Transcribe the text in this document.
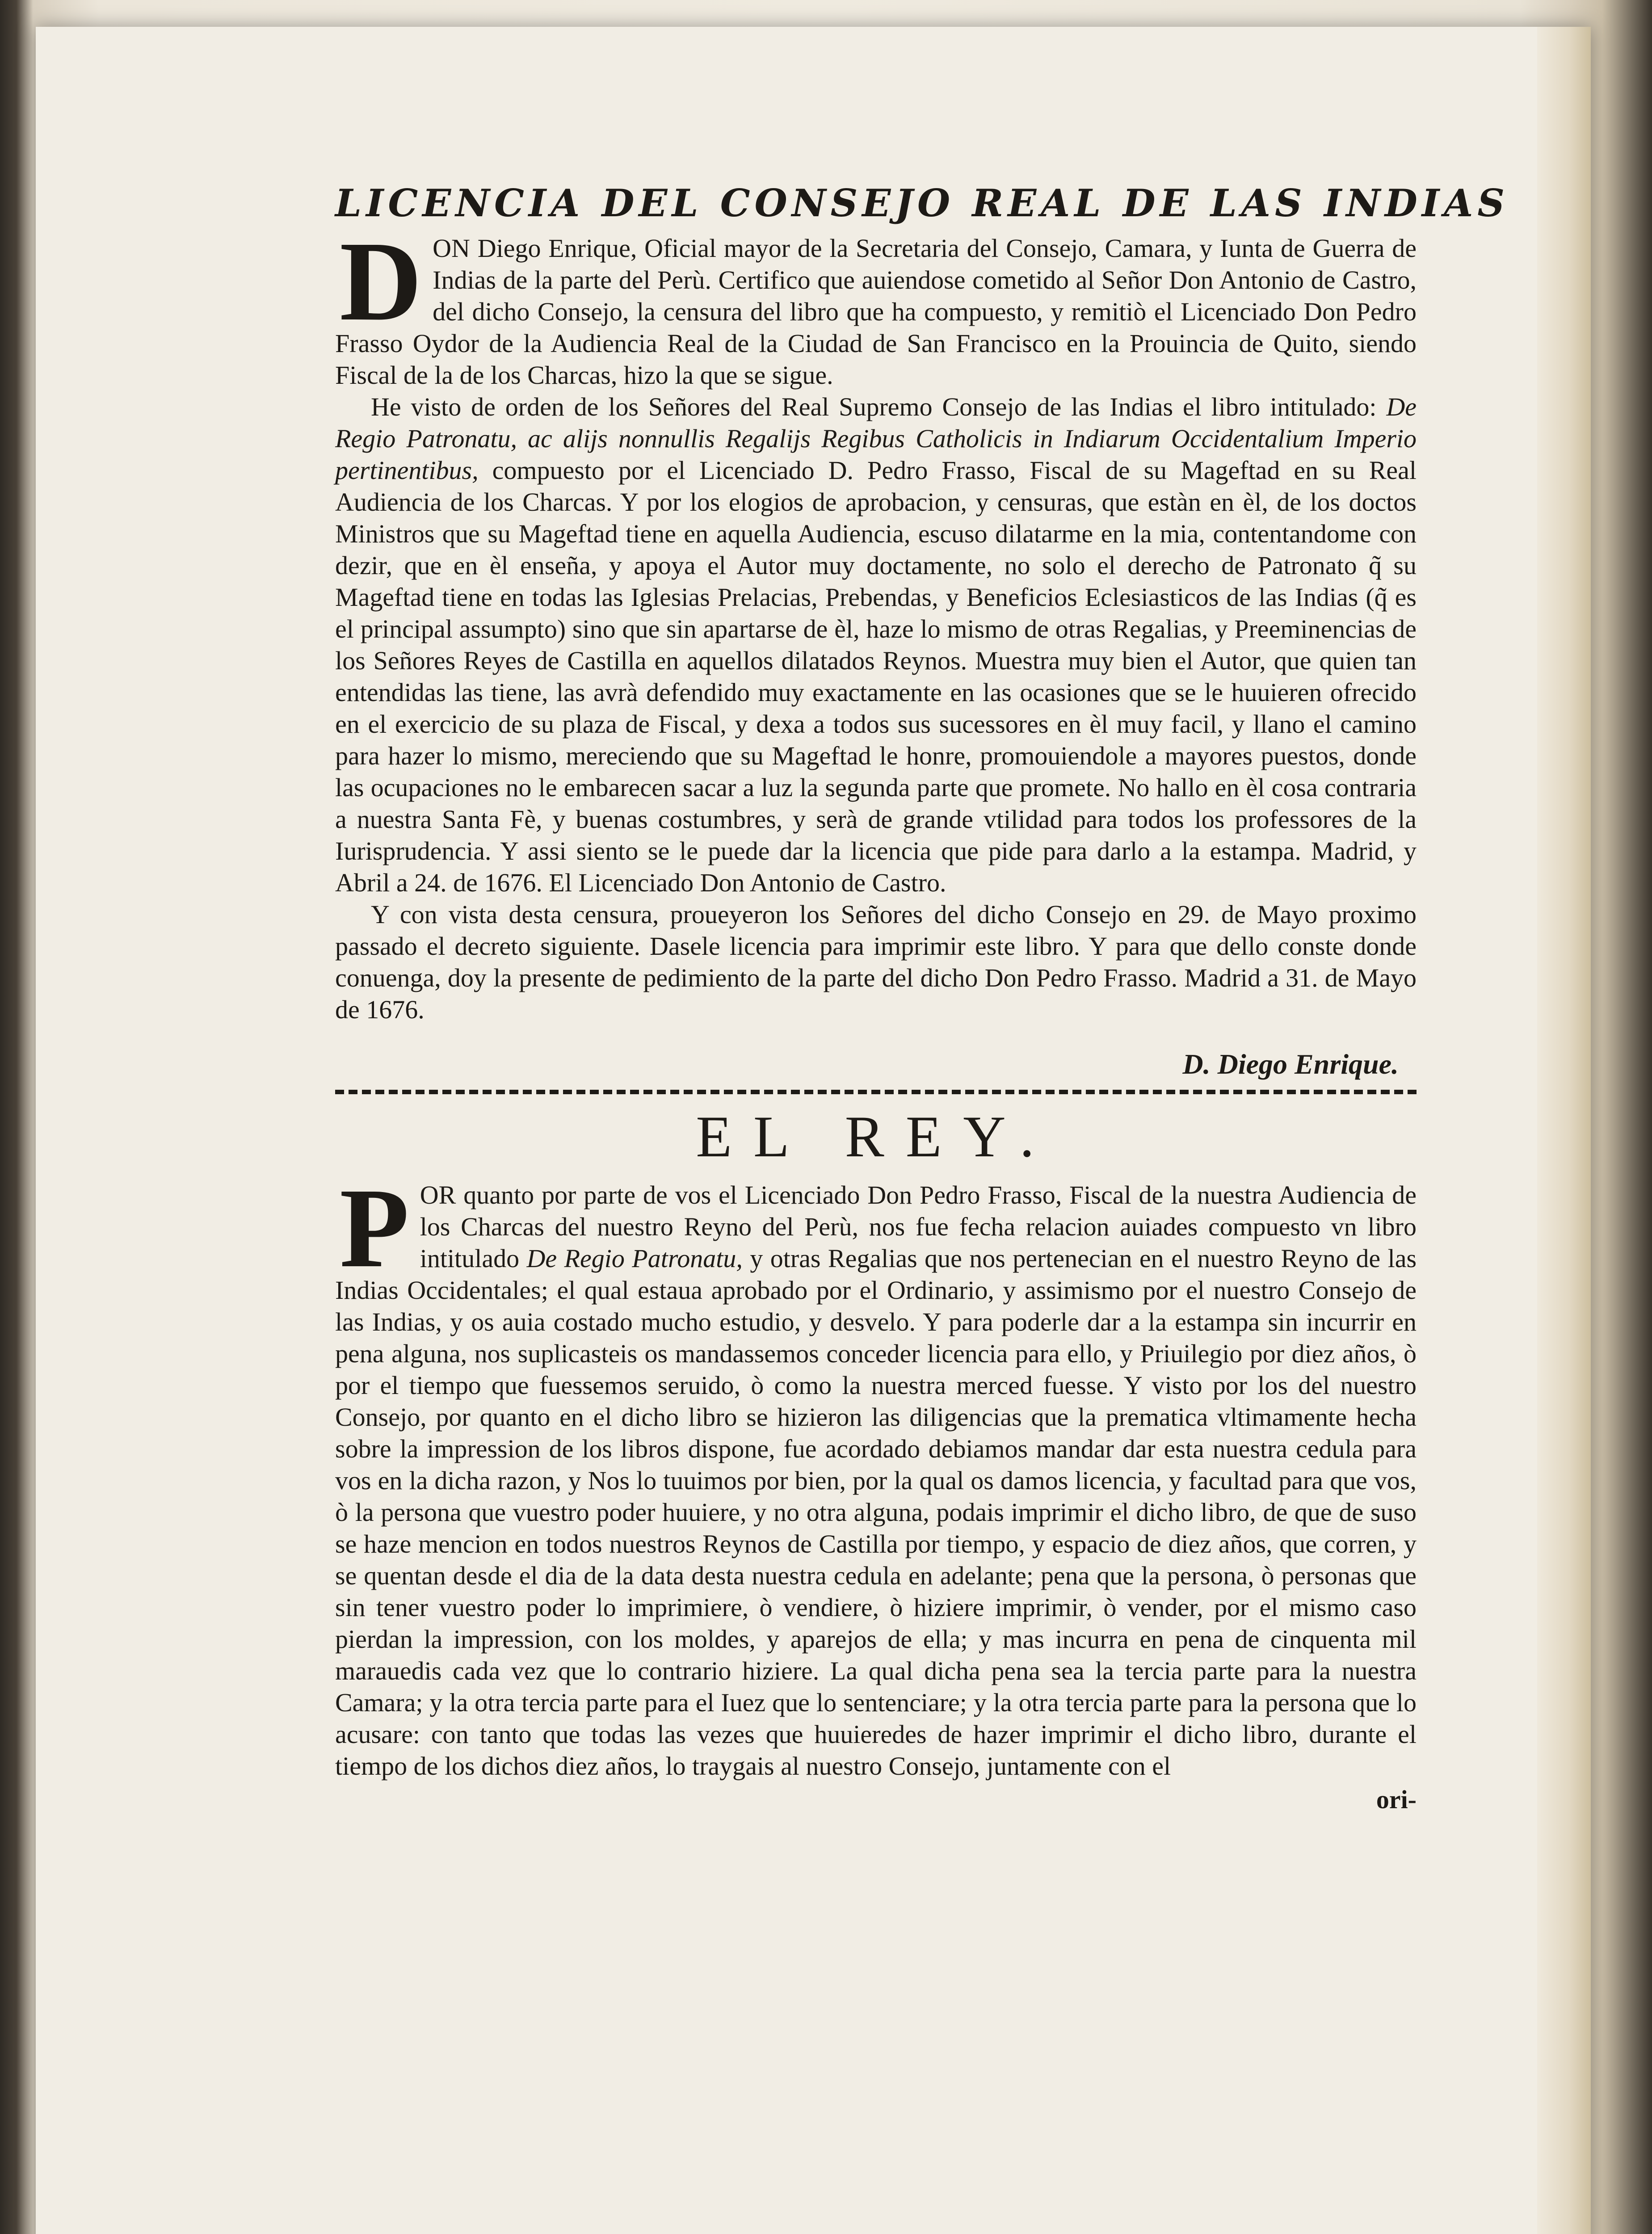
LICENCIA DEL CONSEJO REAL DE LAS INDIAS

DON Diego Enrique, Oficial mayor de la Secretaria del Consejo, Camara, y Iunta de Guerra de Indias de la parte del Perù. Certifico que auiendose cometido al Señor Don Antonio de Castro, del dicho Consejo, la censura del libro que ha compuesto, y remitiò el Licenciado Don Pedro Frasso Oydor de la Audiencia Real de la Ciudad de San Francisco en la Prouincia de Quito, siendo Fiscal de la de los Charcas, hizo la que se sigue.

He visto de orden de los Señores del Real Supremo Consejo de las Indias el libro intitulado: De Regio Patronatu, ac alijs nonnullis Regalijs Regibus Catholicis in Indiarum Occidentalium Imperio pertinentibus, compuesto por el Licenciado D. Pedro Frasso, Fiscal de su Mageftad en su Real Audiencia de los Charcas. Y por los elogios de aprobacion, y censuras, que estàn en èl, de los doctos Ministros que su Mageftad tiene en aquella Audiencia, escuso dilatarme en la mia, contentandome con dezir, que en èl enseña, y apoya el Autor muy doctamente, no solo el derecho de Patronato q̃ su Mageftad tiene en todas las Iglesias Prelacias, Prebendas, y Beneficios Eclesiasticos de las Indias (q̃ es el principal assumpto) sino que sin apartarse de èl, haze lo mismo de otras Regalias, y Preeminencias de los Señores Reyes de Castilla en aquellos dilatados Reynos. Muestra muy bien el Autor, que quien tan entendidas las tiene, las avrà defendido muy exactamente en las ocasiones que se le huuieren ofrecido en el exercicio de su plaza de Fiscal, y dexa a todos sus sucessores en èl muy facil, y llano el camino para hazer lo mismo, mereciendo que su Mageftad le honre, promouiendole a mayores puestos, donde las ocupaciones no le embarecen sacar a luz la segunda parte que promete. No hallo en èl cosa contraria a nuestra Santa Fè, y buenas costumbres, y serà de grande vtilidad para todos los professores de la Iurisprudencia. Y assi siento se le puede dar la licencia que pide para darlo a la estampa. Madrid, y Abril a 24. de 1676. El Licenciado Don Antonio de Castro.

Y con vista desta censura, proueyeron los Señores del dicho Consejo en 29. de Mayo proximo passado el decreto siguiente. Dasele licencia para imprimir este libro. Y para que dello conste donde conuenga, doy la presente de pedimiento de la parte del dicho Don Pedro Frasso. Madrid a 31. de Mayo de 1676.

D. Diego Enrique.
EL REY.

POR quanto por parte de vos el Licenciado Don Pedro Frasso, Fiscal de la nuestra Audiencia de los Charcas del nuestro Reyno del Perù, nos fue fecha relacion auiades compuesto vn libro intitulado De Regio Patronatu, y otras Regalias que nos pertenecian en el nuestro Reyno de las Indias Occidentales; el qual estaua aprobado por el Ordinario, y assimismo por el nuestro Consejo de las Indias, y os auia costado mucho estudio, y desvelo. Y para poderle dar a la estampa sin incurrir en pena alguna, nos suplicasteis os mandassemos conceder licencia para ello, y Priuilegio por diez años, ò por el tiempo que fuessemos seruido, ò como la nuestra merced fuesse. Y visto por los del nuestro Consejo, por quanto en el dicho libro se hizieron las diligencias que la prematica vltimamente hecha sobre la impression de los libros dispone, fue acordado debiamos mandar dar esta nuestra cedula para vos en la dicha razon, y Nos lo tuuimos por bien, por la qual os damos licencia, y facultad para que vos, ò la persona que vuestro poder huuiere, y no otra alguna, podais imprimir el dicho libro, de que de suso se haze mencion en todos nuestros Reynos de Castilla por tiempo, y espacio de diez años, que corren, y se quentan desde el dia de la data desta nuestra cedula en adelante; pena que la persona, ò personas que sin tener vuestro poder lo imprimiere, ò vendiere, ò hiziere imprimir, ò vender, por el mismo caso pierdan la impression, con los moldes, y aparejos de ella; y mas incurra en pena de cinquenta mil marauedis cada vez que lo contrario hiziere. La qual dicha pena sea la tercia parte para la nuestra Camara; y la otra tercia parte para el Iuez que lo sentenciare; y la otra tercia parte para la persona que lo acusare: con tanto que todas las vezes que huuieredes de hazer imprimir el dicho libro, durante el tiempo de los dichos diez años, lo traygais al nuestro Consejo, juntamente con el

ori-
